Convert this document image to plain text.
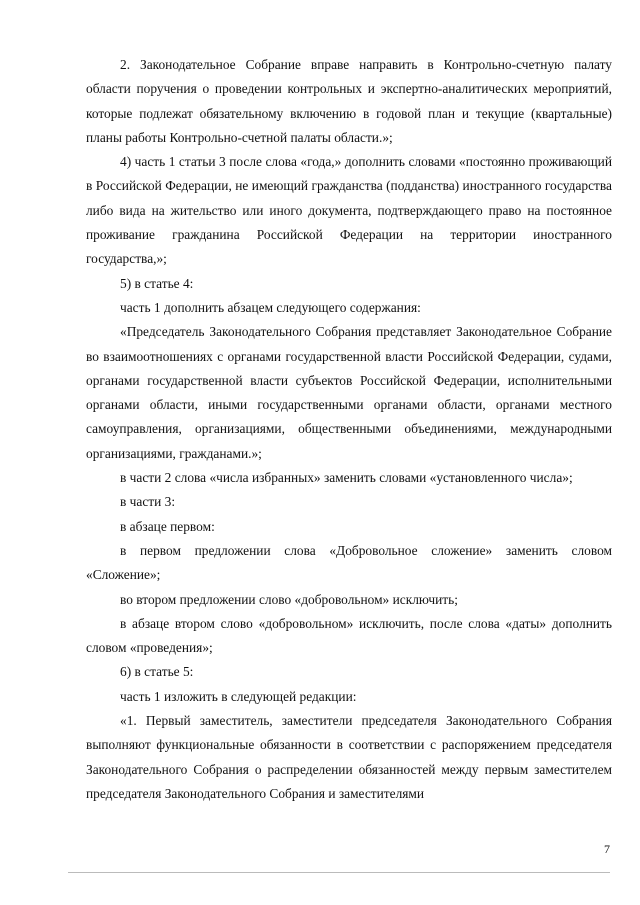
2. Законодательное Собрание вправе направить в Контрольно-счетную палату области поручения о проведении контрольных и экспертно-аналитических мероприятий, которые подлежат обязательному включению в годовой план и текущие (квартальные) планы работы Контрольно-счетной палаты области.»;

4) часть 1 статьи 3 после слова «года,» дополнить словами «постоянно проживающий в Российской Федерации, не имеющий гражданства (подданства) иностранного государства либо вида на жительство или иного документа, подтверждающего право на постоянное проживание гражданина Российской Федерации на территории иностранного государства,»;

5) в статье 4:

часть 1 дополнить абзацем следующего содержания:

«Председатель Законодательного Собрания представляет Законодательное Собрание во взаимоотношениях с органами государственной власти Российской Федерации, судами, органами государственной власти субъектов Российской Федерации, исполнительными органами области, иными государственными органами области, органами местного самоуправления, организациями, общественными объединениями, международными организациями, гражданами.»;

в части 2 слова «числа избранных» заменить словами «установленного числа»;

в части 3:

в абзаце первом:

в первом предложении слова «Добровольное сложение» заменить словом «Сложение»;

во втором предложении слово «добровольном» исключить;

в абзаце втором слово «добровольном» исключить, после слова «даты» дополнить словом «проведения»;

6) в статье 5:

часть 1 изложить в следующей редакции:

«1. Первый заместитель, заместители председателя Законодательного Собрания выполняют функциональные обязанности в соответствии с распоряжением председателя Законодательного Собрания о распределении обязанностей между первым заместителем председателя Законодательного Собрания и заместителями

7
